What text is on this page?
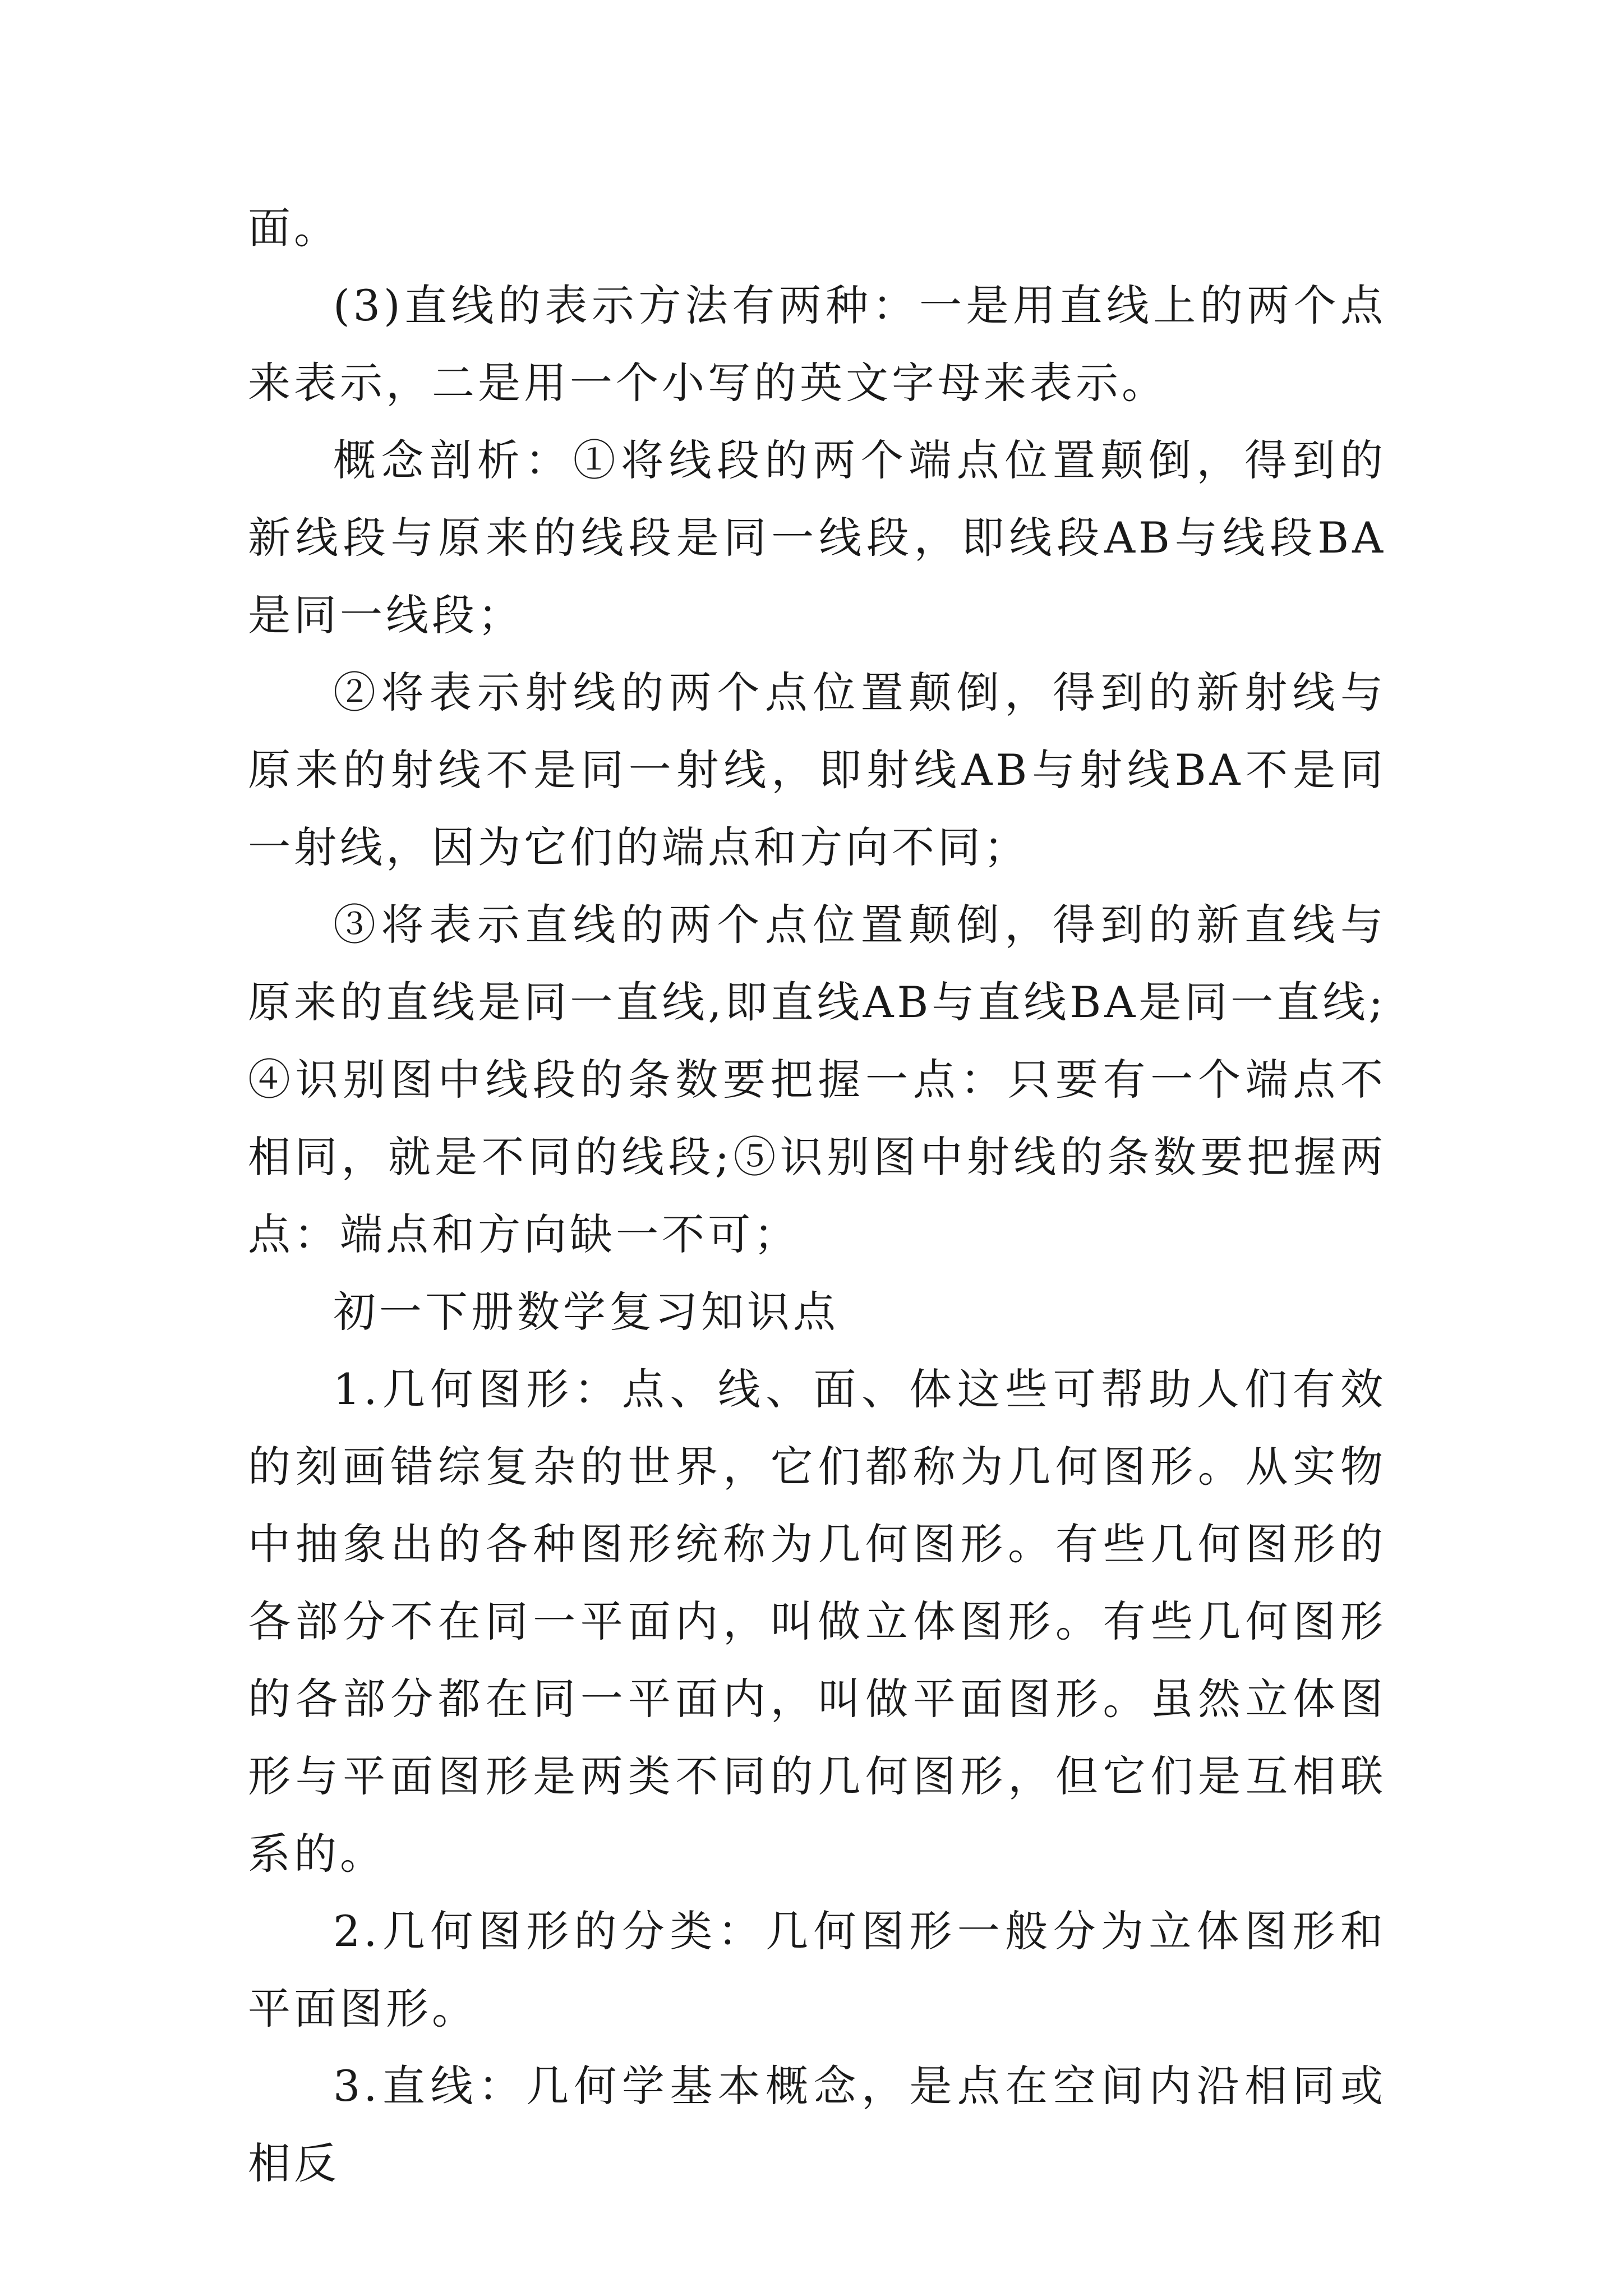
面。

(3)直线的表示方法有两种：一是用直线上的两个点来表示，二是用一个小写的英文字母来表示。

概念剖析：①将线段的两个端点位置颠倒，得到的新线段与原来的线段是同一线段，即线段AB与线段BA是同一线段；

②将表示射线的两个点位置颠倒，得到的新射线与原来的射线不是同一射线，即射线AB与射线BA不是同一射线，因为它们的端点和方向不同；

③将表示直线的两个点位置颠倒，得到的新直线与原来的直线是同一直线,即直线AB与直线BA是同一直线;④识别图中线段的条数要把握一点：只要有一个端点不相同，就是不同的线段;⑤识别图中射线的条数要把握两点：端点和方向缺一不可；

初一下册数学复习知识点

1.几何图形：点、线、面、体这些可帮助人们有效的刻画错综复杂的世界，它们都称为几何图形。从实物中抽象出的各种图形统称为几何图形。有些几何图形的各部分不在同一平面内，叫做立体图形。有些几何图形的各部分都在同一平面内，叫做平面图形。虽然立体图形与平面图形是两类不同的几何图形，但它们是互相联系的。

2.几何图形的分类：几何图形一般分为立体图形和平面图形。

3.直线：几何学基本概念，是点在空间内沿相同或相反
